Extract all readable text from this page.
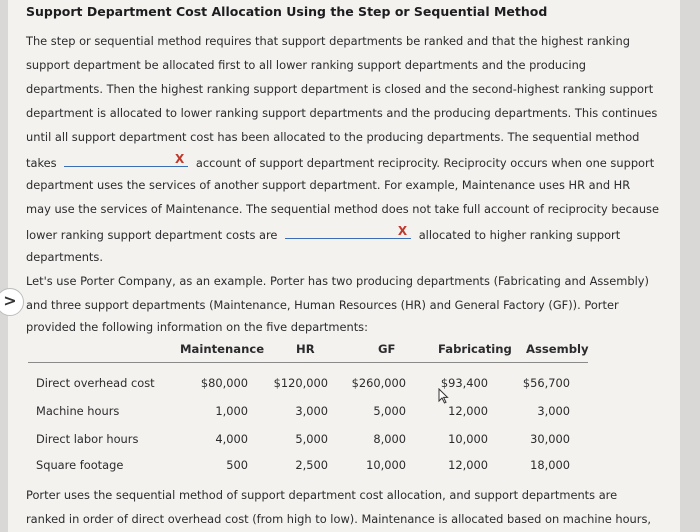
Support Department Cost Allocation Using the Step or Sequential Method
The step or sequential method requires that support departments be ranked and that the highest ranking
support department be allocated first to all lower ranking support departments and the producing
departments. Then the highest ranking support department is closed and the second-highest ranking support
department is allocated to lower ranking support departments and the producing departments. This continues
until all support department cost has been allocated to the producing departments. The sequential method
takes	X account of support department reciprocity. Reciprocity occurs when one support
department uses the services of another support department. For example, Maintenance uses HR and HR
may use the services of Maintenance. The sequential method does not take full account of reciprocity because
lower ranking support department costs are	X allocated to higher ranking support
departments.
Let's use Porter Company, as an example. Porter has two producing departments (Fabricating and Assembly)
and three support departments (Maintenance, Human Resources (HR) and General Factory (GF)). Porter
provided the following information on the five departments:
Maintenance	HR	GF	Fabricating Assembly
Direct overhead cost	$80,000 $120,000 $260,000	$93,400	$56,700
Machine hours	1,000	3,000	5,000	12,000	3,000
Direct labor hours	4,000	5,000	8,000	10,000	30,000
Square footage	500	2,500	10,000	12,000	18,000
Porter uses the sequential method of support department cost allocation, and support departments are
ranked in order of direct overhead cost (from high to low). Maintenance is allocated based on machine hours,
>
